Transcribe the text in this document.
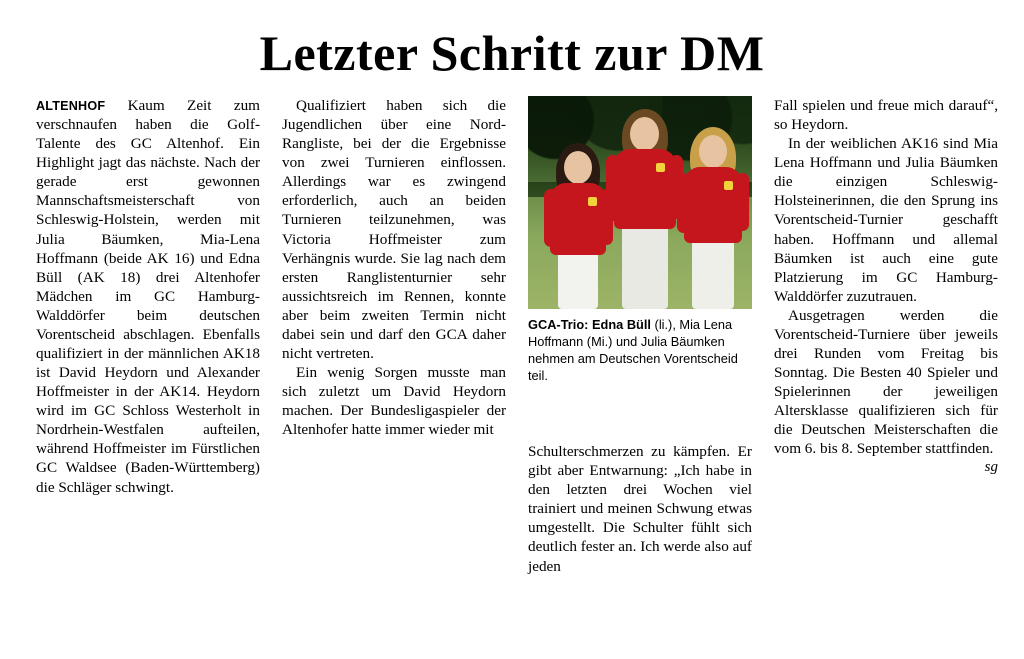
Letzter Schritt zur DM

ALTENHOF Kaum Zeit zum verschnaufen haben die Golf-Talente des GC Altenhof. Ein Highlight jagt das nächste. Nach der gerade erst gewonnen Mannschaftsmeisterschaft von Schleswig-Holstein, werden mit Julia Bäumken, Mia-Lena Hoffmann (beide AK 16) und Edna Büll (AK 18) drei Altenhofer Mädchen im GC Hamburg-Walddörfer beim deutschen Vorentscheid abschlagen. Ebenfalls qualifiziert in der männlichen AK18 ist David Heydorn und Alexander Hoffmeister in der AK14. Heydorn wird im GC Schloss Westerholt in Nordrhein-Westfalen aufteilen, während Hoffmeister im Fürstlichen GC Waldsee (Baden-Württemberg) die Schläger schwingt.

Qualifiziert haben sich die Jugendlichen über eine Nord-Rangliste, bei der die Ergebnisse von zwei Turnieren einflossen. Allerdings war es zwingend erforderlich, auch an beiden Turnieren teilzunehmen, was Victoria Hoffmeister zum Verhängnis wurde. Sie lag nach dem ersten Ranglistenturnier sehr aussichtsreich im Rennen, konnte aber beim zweiten Termin nicht dabei sein und darf den GCA daher nicht vertreten.

Ein wenig Sorgen musste man sich zuletzt um David Heydorn machen. Der Bundesligaspieler der Altenhofer hatte immer wieder mit

GCA-Trio: Edna Büll (li.), Mia Lena Hoffmann (Mi.) und Julia Bäumken nehmen am Deutschen Vorentscheid teil.

Schulterschmerzen zu kämpfen. Er gibt aber Entwarnung: „Ich habe in den letzten drei Wochen viel trainiert und meinen Schwung etwas umgestellt. Die Schulter fühlt sich deutlich fester an. Ich werde also auf jeden

Fall spielen und freue mich darauf“, so Heydorn.

In der weiblichen AK16 sind Mia Lena Hoffmann und Julia Bäumken die einzigen Schleswig-Holsteinerinnen, die den Sprung ins Vorentscheid-Turnier geschafft haben. Hoffmann und allemal Bäumken ist auch eine gute Platzierung im GC Hamburg-Walddörfer zuzutrauen.

Ausgetragen werden die Vorentscheid-Turniere über jeweils drei Runden vom Freitag bis Sonntag. Die Besten 40 Spieler und Spielerinnen der jeweiligen Altersklasse qualifizieren sich für die Deutschen Meisterschaften die vom 6. bis 8. September stattfinden.

sg
